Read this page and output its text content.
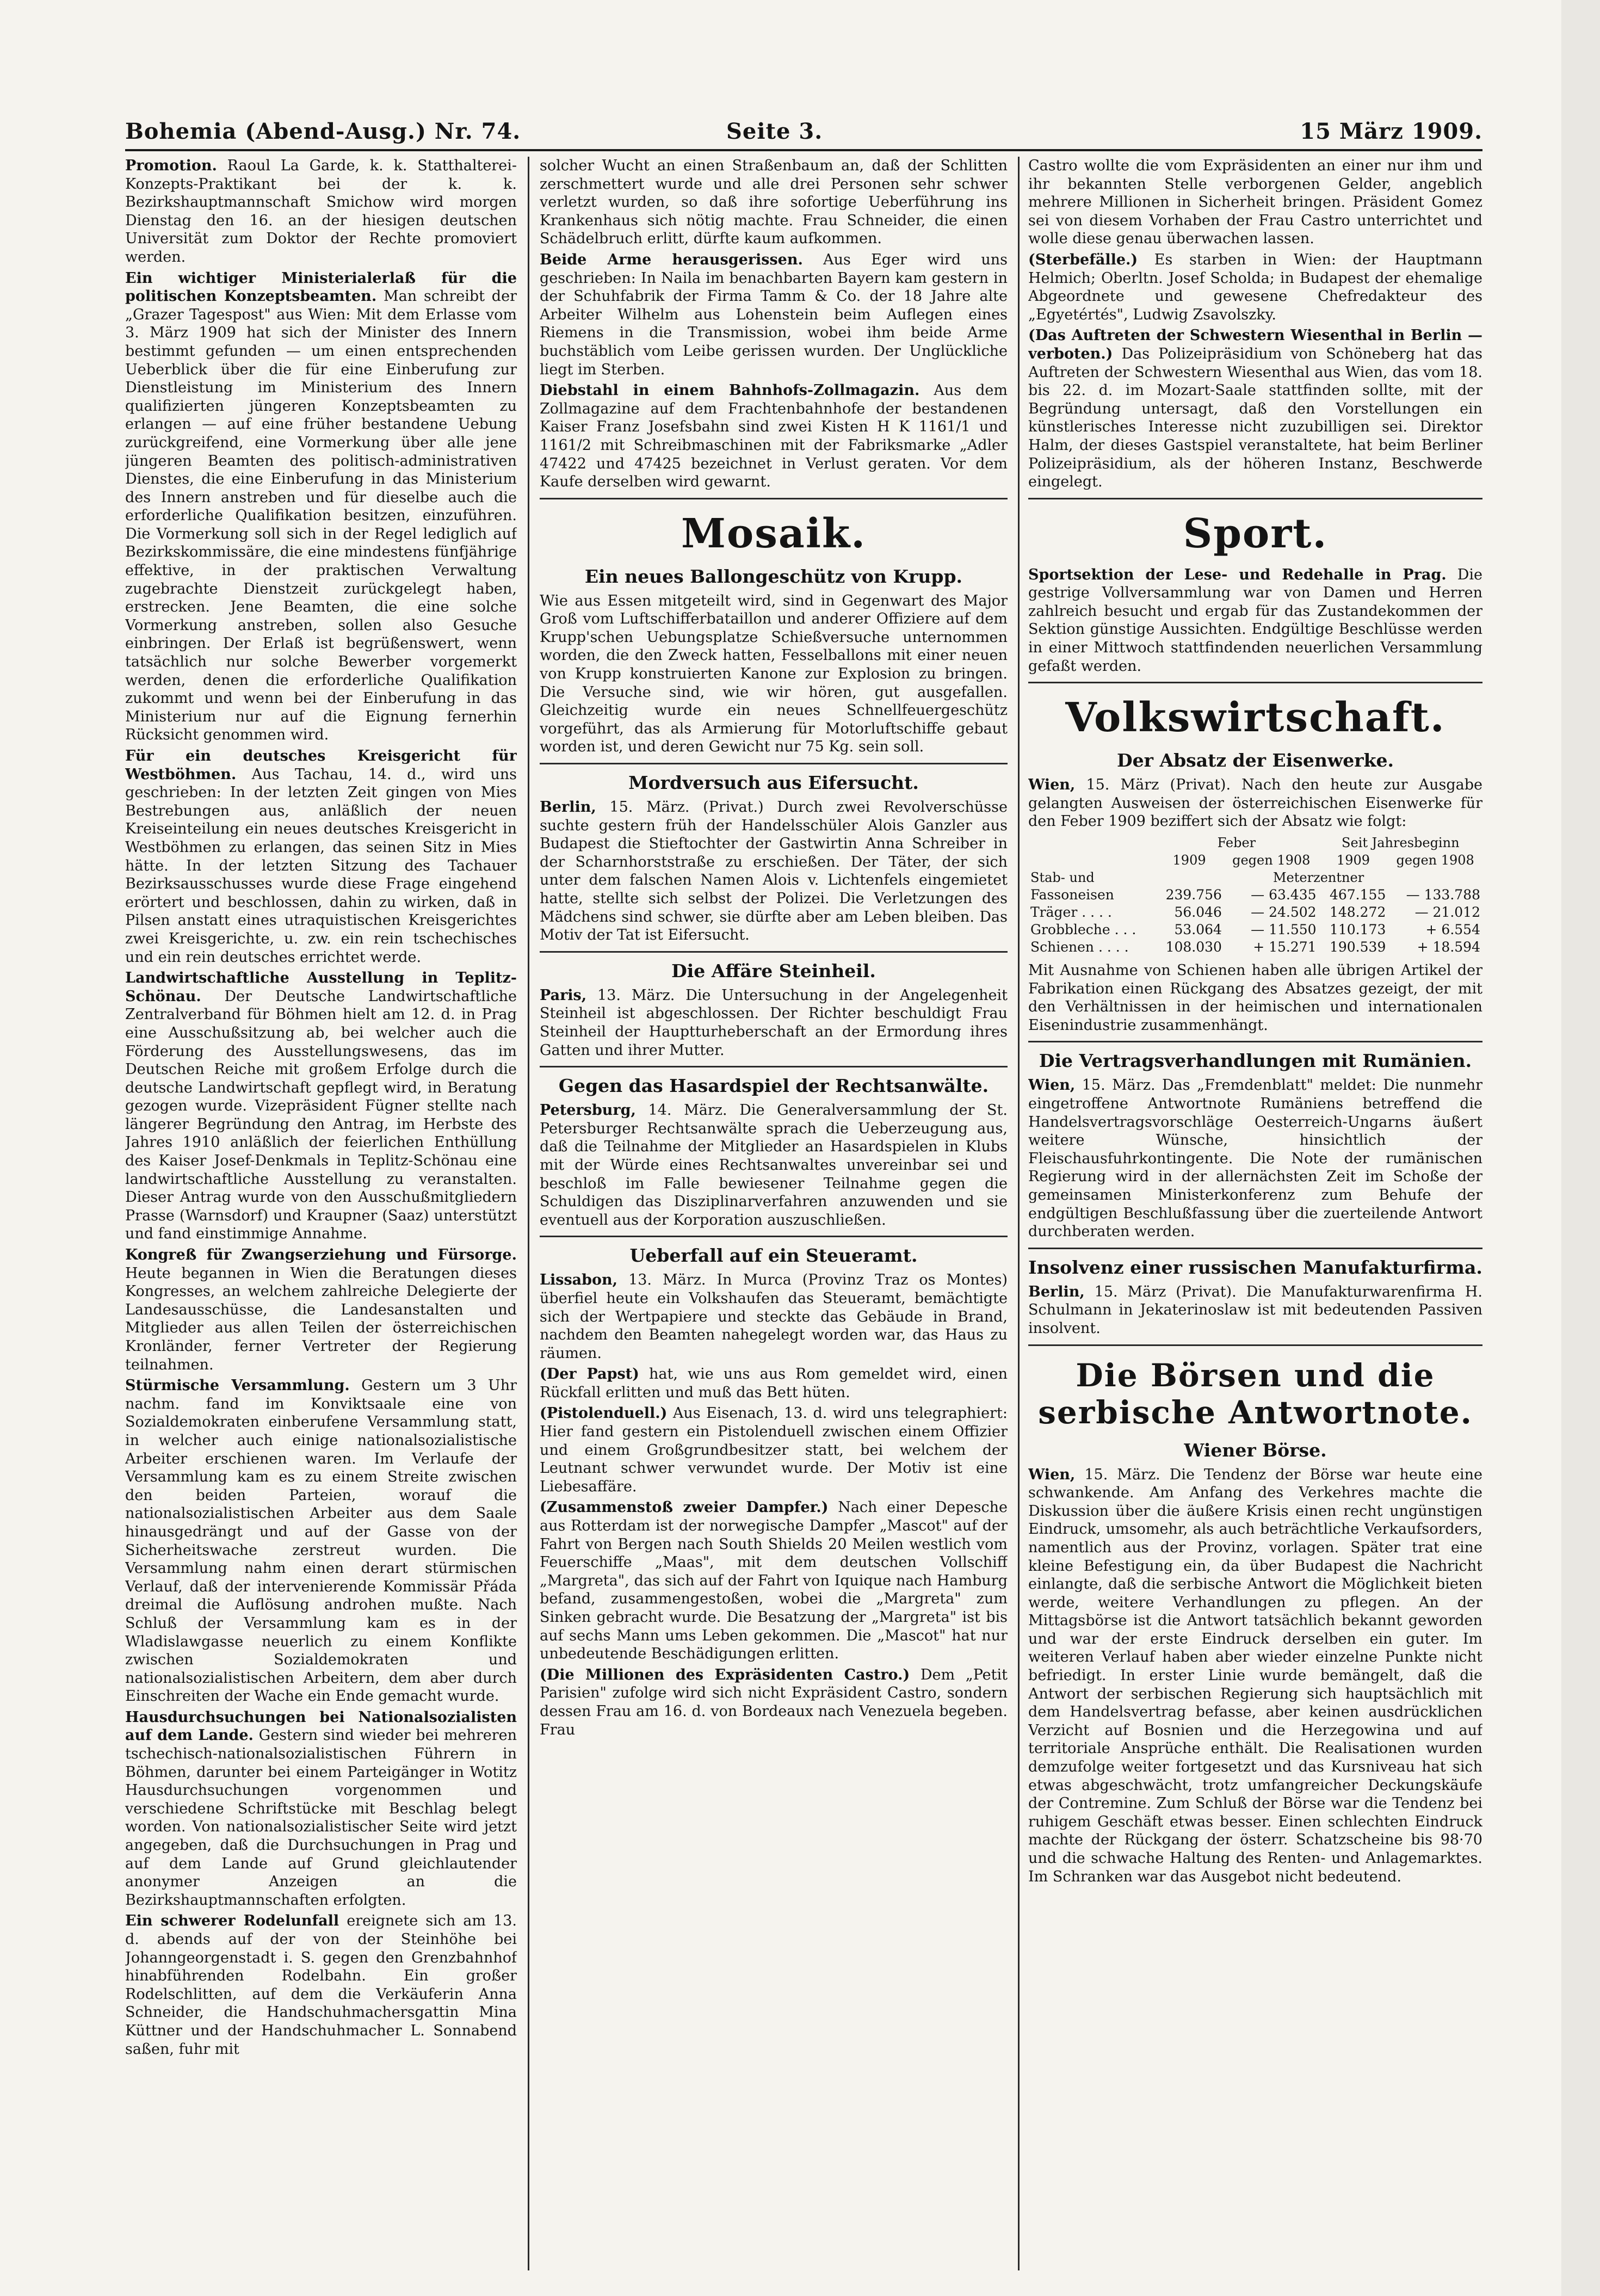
Bohemia (Abend-Ausg.) Nr. 74.	Seite 3.	15 März 1909.

Promotion. Raoul La Garde, k. k. Statthalterei-Konzepts-Praktikant bei der k. k. Bezirkshauptmannschaft Smichow wird morgen Dienstag den 16. an der hiesigen deutschen Universität zum Doktor der Rechte promoviert werden.

Ein wichtiger Ministerialerlaß für die politischen Konzeptsbeamten. Man schreibt der „Grazer Tagespost" aus Wien: Mit dem Erlasse vom 3. März 1909 hat sich der Minister des Innern bestimmt gefunden — um einen entsprechenden Ueberblick über die für eine Einberufung zur Dienstleistung im Ministerium des Innern qualifizierten jüngeren Konzeptsbeamten zu erlangen — auf eine früher bestandene Uebung zurückgreifend, eine Vormerkung über alle jene jüngeren Beamten des politisch-administrativen Dienstes, die eine Einberufung in das Ministerium des Innern anstreben und für dieselbe auch die erforderliche Qualifikation besitzen, einzuführen. Die Vormerkung soll sich in der Regel lediglich auf Bezirkskommissäre, die eine mindestens fünfjährige effektive, in der praktischen Verwaltung zugebrachte Dienstzeit zurückgelegt haben, erstrecken. Jene Beamten, die eine solche Vormerkung anstreben, sollen also Gesuche einbringen. Der Erlaß ist begrüßenswert, wenn tatsächlich nur solche Bewerber vorgemerkt werden, denen die erforderliche Qualifikation zukommt und wenn bei der Einberufung in das Ministerium nur auf die Eignung fernerhin Rücksicht genommen wird.

Für ein deutsches Kreisgericht für Westböhmen. Aus Tachau, 14. d., wird uns geschrieben: In der letzten Zeit gingen von Mies Bestrebungen aus, anläßlich der neuen Kreiseinteilung ein neues deutsches Kreisgericht in Westböhmen zu erlangen, das seinen Sitz in Mies hätte. In der letzten Sitzung des Tachauer Bezirksausschusses wurde diese Frage eingehend erörtert und beschlossen, dahin zu wirken, daß in Pilsen anstatt eines utraquistischen Kreisgerichtes zwei Kreisgerichte, u. zw. ein rein tschechisches und ein rein deutsches errichtet werde.

Landwirtschaftliche Ausstellung in Teplitz-Schönau. Der Deutsche Landwirtschaftliche Zentralverband für Böhmen hielt am 12. d. in Prag eine Ausschußsitzung ab, bei welcher auch die Förderung des Ausstellungswesens, das im Deutschen Reiche mit großem Erfolge durch die deutsche Landwirtschaft gepflegt wird, in Beratung gezogen wurde. Vizepräsident Fügner stellte nach längerer Begründung den Antrag, im Herbste des Jahres 1910 anläßlich der feierlichen Enthüllung des Kaiser Josef-Denkmals in Teplitz-Schönau eine landwirtschaftliche Ausstellung zu veranstalten. Dieser Antrag wurde von den Ausschußmitgliedern Prasse (Warnsdorf) und Kraupner (Saaz) unterstützt und fand einstimmige Annahme.

Kongreß für Zwangserziehung und Fürsorge. Heute begannen in Wien die Beratungen dieses Kongresses, an welchem zahlreiche Delegierte der Landesausschüsse, die Landesanstalten und Mitglieder aus allen Teilen der österreichischen Kronländer, ferner Vertreter der Regierung teilnahmen.

Stürmische Versammlung. Gestern um 3 Uhr nachm. fand im Konviktsaale eine von Sozialdemokraten einberufene Versammlung statt, in welcher auch einige nationalsozialistische Arbeiter erschienen waren. Im Verlaufe der Versammlung kam es zu einem Streite zwischen den beiden Parteien, worauf die nationalsozialistischen Arbeiter aus dem Saale hinausgedrängt und auf der Gasse von der Sicherheitswache zerstreut wurden. Die Versammlung nahm einen derart stürmischen Verlauf, daß der intervenierende Kommissär Přáda dreimal die Auflösung androhen mußte. Nach Schluß der Versammlung kam es in der Wladislawgasse neuerlich zu einem Konflikte zwischen Sozialdemokraten und nationalsozialistischen Arbeitern, dem aber durch Einschreiten der Wache ein Ende gemacht wurde.

Hausdurchsuchungen bei Nationalsozialisten auf dem Lande. Gestern sind wieder bei mehreren tschechisch-nationalsozialistischen Führern in Böhmen, darunter bei einem Parteigänger in Wotitz Hausdurchsuchungen vorgenommen und verschiedene Schriftstücke mit Beschlag belegt worden. Von nationalsozialistischer Seite wird jetzt angegeben, daß die Durchsuchungen in Prag und auf dem Lande auf Grund gleichlautender anonymer Anzeigen an die Bezirkshauptmannschaften erfolgten.

Ein schwerer Rodelunfall ereignete sich am 13. d. abends auf der von der Steinhöhe bei Johanngeorgenstadt i. S. gegen den Grenzbahnhof hinabführenden Rodelbahn. Ein großer Rodelschlitten, auf dem die Verkäuferin Anna Schneider, die Handschuhmachersgattin Mina Küttner und der Handschuhmacher L. Sonnabend saßen, fuhr mit

solcher Wucht an einen Straßenbaum an, daß der Schlitten zerschmettert wurde und alle drei Personen sehr schwer verletzt wurden, so daß ihre sofortige Ueberführung ins Krankenhaus sich nötig machte. Frau Schneider, die einen Schädelbruch erlitt, dürfte kaum aufkommen.

Beide Arme herausgerissen. Aus Eger wird uns geschrieben: In Naila im benachbarten Bayern kam gestern in der Schuhfabrik der Firma Tamm & Co. der 18 Jahre alte Arbeiter Wilhelm aus Lohenstein beim Auflegen eines Riemens in die Transmission, wobei ihm beide Arme buchstäblich vom Leibe gerissen wurden. Der Unglückliche liegt im Sterben.

Diebstahl in einem Bahnhofs-Zollmagazin. Aus dem Zollmagazine auf dem Frachtenbahnhofe der bestandenen Kaiser Franz Josefsbahn sind zwei Kisten H K 1161/1 und 1161/2 mit Schreibmaschinen mit der Fabriksmarke „Adler 47422 und 47425 bezeichnet in Verlust geraten. Vor dem Kaufe derselben wird gewarnt.

Mosaik.
Ein neues Ballongeschütz von Krupp.

Wie aus Essen mitgeteilt wird, sind in Gegenwart des Major Groß vom Luftschifferbataillon und anderer Offiziere auf dem Krupp'schen Uebungsplatze Schießversuche unternommen worden, die den Zweck hatten, Fesselballons mit einer neuen von Krupp konstruierten Kanone zur Explosion zu bringen. Die Versuche sind, wie wir hören, gut ausgefallen. Gleichzeitig wurde ein neues Schnellfeuergeschütz vorgeführt, das als Armierung für Motorluftschiffe gebaut worden ist, und deren Gewicht nur 75 Kg. sein soll.

Mordversuch aus Eifersucht.

Berlin, 15. März. (Privat.) Durch zwei Revolverschüsse suchte gestern früh der Handelsschüler Alois Ganzler aus Budapest die Stieftochter der Gastwirtin Anna Schreiber in der Scharnhorststraße zu erschießen. Der Täter, der sich unter dem falschen Namen Alois v. Lichtenfels eingemietet hatte, stellte sich selbst der Polizei. Die Verletzungen des Mädchens sind schwer, sie dürfte aber am Leben bleiben. Das Motiv der Tat ist Eifersucht.

Die Affäre Steinheil.

Paris, 13. März. Die Untersuchung in der Angelegenheit Steinheil ist abgeschlossen. Der Richter beschuldigt Frau Steinheil der Hauptturheberschaft an der Ermordung ihres Gatten und ihrer Mutter.

Gegen das Hasardspiel der Rechtsanwälte.

Petersburg, 14. März. Die Generalversammlung der St. Petersburger Rechtsanwälte sprach die Ueberzeugung aus, daß die Teilnahme der Mitglieder an Hasardspielen in Klubs mit der Würde eines Rechtsanwaltes unvereinbar sei und beschloß im Falle bewiesener Teilnahme gegen die Schuldigen das Disziplinarverfahren anzuwenden und sie eventuell aus der Korporation auszuschließen.

Ueberfall auf ein Steueramt.

Lissabon, 13. März. In Murca (Provinz Traz os Montes) überfiel heute ein Volkshaufen das Steueramt, bemächtigte sich der Wertpapiere und steckte das Gebäude in Brand, nachdem den Beamten nahegelegt worden war, das Haus zu räumen.

(Der Papst) hat, wie uns aus Rom gemeldet wird, einen Rückfall erlitten und muß das Bett hüten.

(Pistolenduell.) Aus Eisenach, 13. d. wird uns telegraphiert: Hier fand gestern ein Pistolenduell zwischen einem Offizier und einem Großgrundbesitzer statt, bei welchem der Leutnant schwer verwundet wurde. Der Motiv ist eine Liebesaffäre.

(Zusammenstoß zweier Dampfer.) Nach einer Depesche aus Rotterdam ist der norwegische Dampfer „Mascot" auf der Fahrt von Bergen nach South Shields 20 Meilen westlich vom Feuerschiffe „Maas", mit dem deutschen Vollschiff „Margreta", das sich auf der Fahrt von Iquique nach Hamburg befand, zusammengestoßen, wobei die „Margreta" zum Sinken gebracht wurde. Die Besatzung der „Margreta" ist bis auf sechs Mann ums Leben gekommen. Die „Mascot" hat nur unbedeutende Beschädigungen erlitten.

(Die Millionen des Expräsidenten Castro.) Dem „Petit Parisien" zufolge wird sich nicht Expräsident Castro, sondern dessen Frau am 16. d. von Bordeaux nach Venezuela begeben. Frau

Castro wollte die vom Expräsidenten an einer nur ihm und ihr bekannten Stelle verborgenen Gelder, angeblich mehrere Millionen in Sicherheit bringen. Präsident Gomez sei von diesem Vorhaben der Frau Castro unterrichtet und wolle diese genau überwachen lassen.

(Sterbefälle.) Es starben in Wien: der Hauptmann Helmich; Oberltn. Josef Scholda; in Budapest der ehemalige Abgeordnete und gewesene Chefredakteur des „Egyetértés", Ludwig Zsavolszky.

(Das Auftreten der Schwestern Wiesenthal in Berlin — verboten.) Das Polizeipräsidium von Schöneberg hat das Auftreten der Schwestern Wiesenthal aus Wien, das vom 18. bis 22. d. im Mozart-Saale stattfinden sollte, mit der Begründung untersagt, daß den Vorstellungen ein künstlerisches Interesse nicht zuzubilligen sei. Direktor Halm, der dieses Gastspiel veranstaltete, hat beim Berliner Polizeipräsidium, als der höheren Instanz, Beschwerde eingelegt.

Sport.

Sportsektion der Lese- und Redehalle in Prag. Die gestrige Vollversammlung war von Damen und Herren zahlreich besucht und ergab für das Zustandekommen der Sektion günstige Aussichten. Endgültige Beschlüsse werden in einer Mittwoch stattfindenden neuerlichen Versammlung gefaßt werden.

Volkswirtschaft.
Der Absatz der Eisenwerke.

Wien, 15. März (Privat). Nach den heute zur Ausgabe gelangten Ausweisen der österreichischen Eisenwerke für den Feber 1909 beziffert sich der Absatz wie folgt:

	Feber		Seit Jahresbeginn	
	1909	gegen 1908	1909	gegen 1908
Stab- und	Meterzentner			
Fassoneisen	239.756	— 63.435	467.155	— 133.788
Träger . . . .	56.046	— 24.502	148.272	— 21.012
Grobbleche . . .	53.064	— 11.550	110.173	+ 6.554
Schienen . . . .	108.030	+ 15.271	190.539	+ 18.594

Mit Ausnahme von Schienen haben alle übrigen Artikel der Fabrikation einen Rückgang des Absatzes gezeigt, der mit den Verhältnissen in der heimischen und internationalen Eisenindustrie zusammenhängt.

Die Vertragsverhandlungen mit Rumänien.

Wien, 15. März. Das „Fremdenblatt" meldet: Die nunmehr eingetroffene Antwortnote Rumäniens betreffend die Handelsvertragsvorschläge Oesterreich-Ungarns äußert weitere Wünsche, hinsichtlich der Fleischausfuhrkontingente. Die Note der rumänischen Regierung wird in der allernächsten Zeit im Schoße der gemeinsamen Ministerkonferenz zum Behufe der endgültigen Beschlußfassung über die zuerteilende Antwort durchberaten werden.

Insolvenz einer russischen Manufakturfirma.

Berlin, 15. März (Privat). Die Manufakturwarenfirma H. Schulmann in Jekaterinoslaw ist mit bedeutenden Passiven insolvent.

Die Börsen und die serbische Antwortnote.
Wiener Börse.

Wien, 15. März. Die Tendenz der Börse war heute eine schwankende. Am Anfang des Verkehres machte die Diskussion über die äußere Krisis einen recht ungünstigen Eindruck, umsomehr, als auch beträchtliche Verkaufsorders, namentlich aus der Provinz, vorlagen. Später trat eine kleine Befestigung ein, da über Budapest die Nachricht einlangte, daß die serbische Antwort die Möglichkeit bieten werde, weitere Verhandlungen zu pflegen. An der Mittagsbörse ist die Antwort tatsächlich bekannt geworden und war der erste Eindruck derselben ein guter. Im weiteren Verlauf haben aber wieder einzelne Punkte nicht befriedigt. In erster Linie wurde bemängelt, daß die Antwort der serbischen Regierung sich hauptsächlich mit dem Handelsvertrag befasse, aber keinen ausdrücklichen Verzicht auf Bosnien und die Herzegowina und auf territoriale Ansprüche enthält. Die Realisationen wurden demzufolge weiter fortgesetzt und das Kursniveau hat sich etwas abgeschwächt, trotz umfangreicher Deckungskäufe der Contremine. Zum Schluß der Börse war die Tendenz bei ruhigem Geschäft etwas besser. Einen schlechten Eindruck machte der Rückgang der österr. Schatzscheine bis 98·70 und die schwache Haltung des Renten- und Anlagemarktes. Im Schranken war das Ausgebot nicht bedeutend.
